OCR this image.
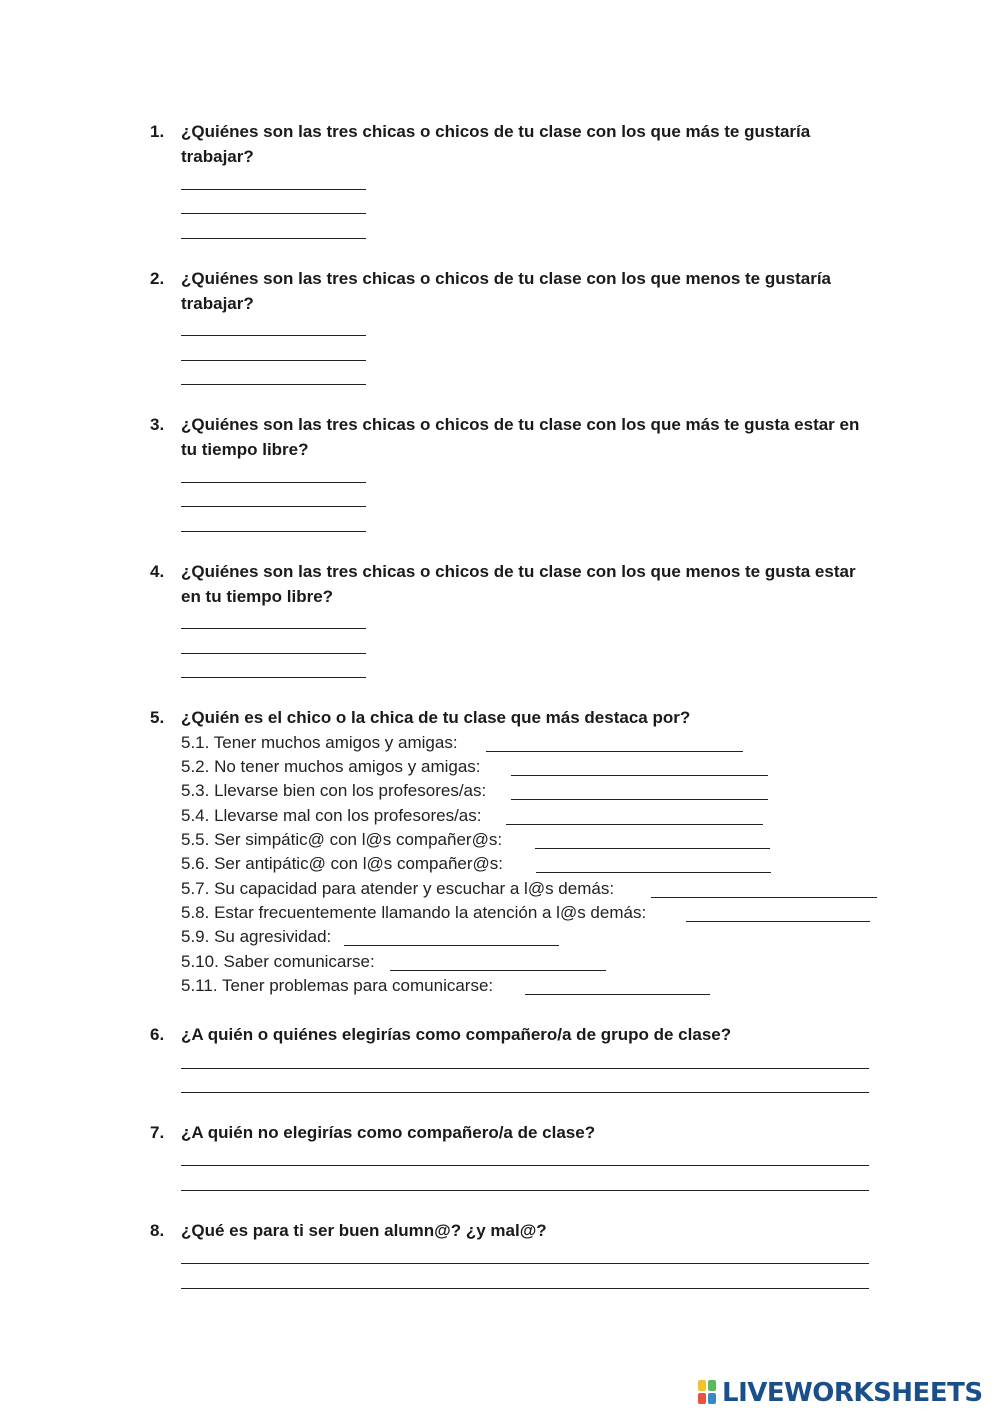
1. ¿Quiénes son las tres chicas o chicos de tu clase con los que más te gustaría trabajar?
2. ¿Quiénes son las tres chicas o chicos de tu clase con los que menos te gustaría trabajar?
3. ¿Quiénes son las tres chicas o chicos de tu clase con los que más te gusta estar en tu tiempo libre?
4. ¿Quiénes son las tres chicas o chicos de tu clase con los que menos te gusta estar en tu tiempo libre?
5. ¿Quién es el chico o la chica de tu clase que más destaca por?
5.1. Tener muchos amigos y amigas:
5.2. No tener muchos amigos y amigas:
5.3. Llevarse bien con los profesores/as:
5.4. Llevarse mal con los profesores/as:
5.5. Ser simpátic@ con l@s compañer@s:
5.6. Ser antipátic@ con l@s compañer@s:
5.7. Su capacidad para atender y escuchar a l@s demás:
5.8. Estar frecuentemente llamando la atención a l@s demás:
5.9. Su agresividad:
5.10. Saber comunicarse:
5.11. Tener problemas para comunicarse:
6. ¿A quién o quiénes elegirías como compañero/a de grupo de clase?
7. ¿A quién no elegirías como compañero/a de clase?
8. ¿Qué es para ti ser buen alumn@? ¿y mal@?
LIVEWORKSHEETS
